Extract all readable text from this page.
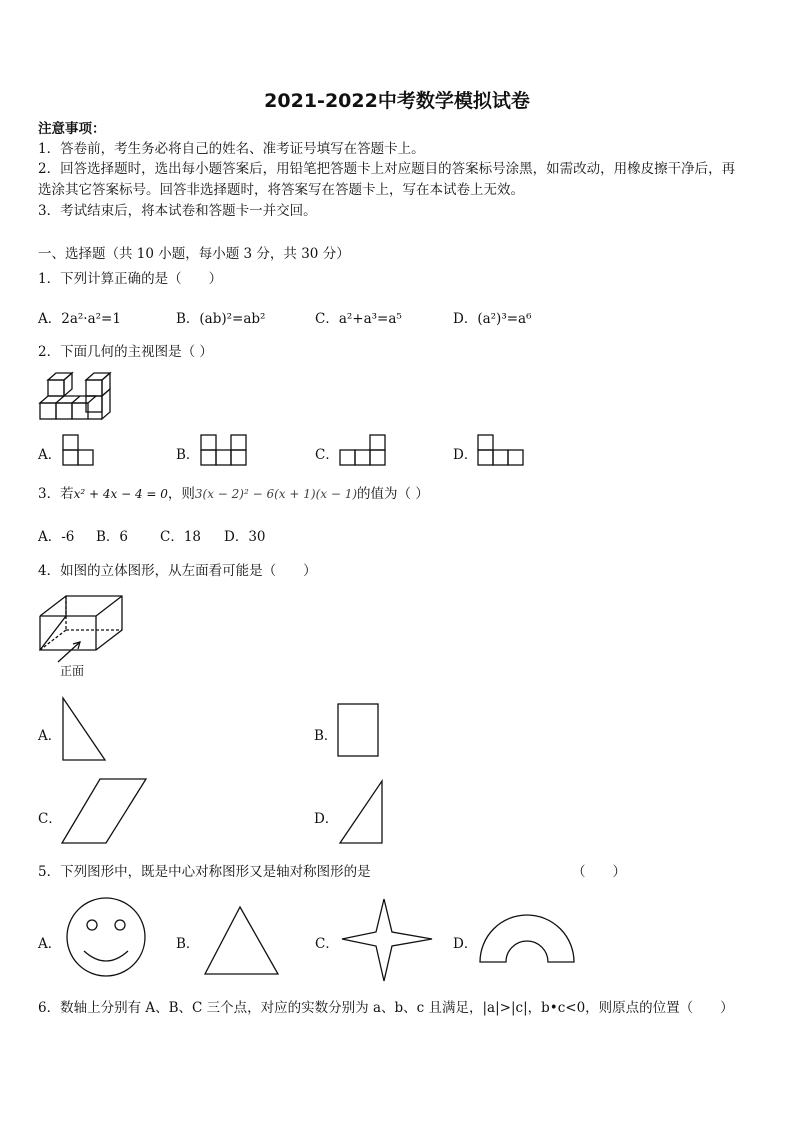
2021-2022中考数学模拟试卷
注意事项：
1．答卷前，考生务必将自己的姓名、准考证号填写在答题卡上。
2．回答选择题时，选出每小题答案后，用铅笔把答题卡上对应题目的答案标号涂黑，如需改动，用橡皮擦干净后，再
选涂其它答案标号。回答非选择题时，将答案写在答题卡上，写在本试卷上无效。
3．考试结束后，将本试卷和答题卡一并交回。
一、选择题（共 10 小题，每小题 3 分，共 30 分）
1．下列计算正确的是（　　）
A．2a²·a²=1	B．(ab)²=ab²	C．a²+a³=a⁵	D．(a²)³=a⁶
2．下面几何的主视图是（ ）
A．	B．	C．	D．
3．若x² + 4x − 4 = 0，则3(x − 2)² − 6(x + 1)(x − 1)的值为（ ）
A．-6 B．6 C．18 D．30
4．如图的立体图形，从左面看可能是（　　）
正面
A．	B．
C．	D．
5．下列图形中，既是中心对称图形又是轴对称图形的是	（　　）
A．	B．	C．	D．
6．数轴上分别有 A、B、C 三个点，对应的实数分别为 a、b、c 且满足，|a|>|c|，b•c<0，则原点的位置（　　）
